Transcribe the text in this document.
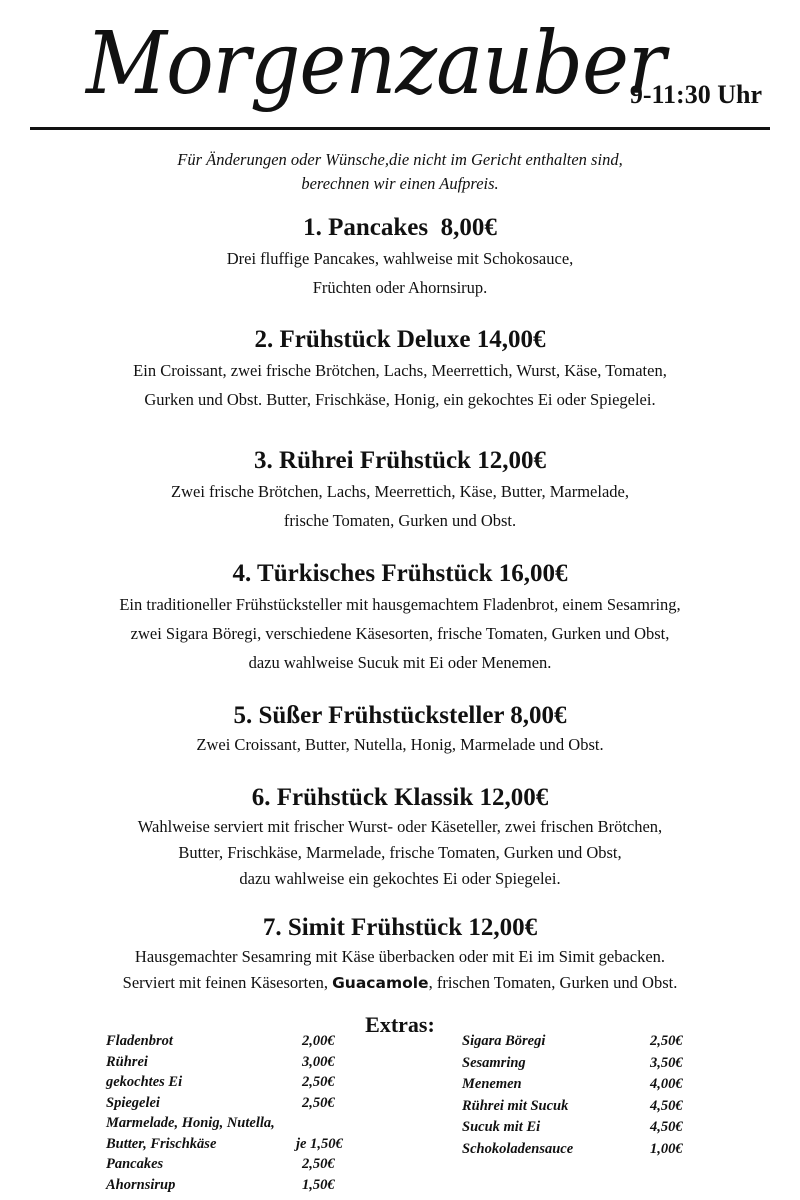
Morgenzauber
9-11:30 Uhr
Für Änderungen oder Wünsche,die nicht im Gericht enthalten sind,
berechnen wir einen Aufpreis.
1. Pancakes  8,00€

Drei fluffige Pancakes, wahlweise mit Schokosauce,

Früchten oder Ahornsirup.

2. Frühstück Deluxe 14,00€

Ein Croissant, zwei frische Brötchen, Lachs, Meerrettich, Wurst, Käse, Tomaten,

Gurken und Obst. Butter, Frischkäse, Honig, ein gekochtes Ei oder Spiegelei.

3. Rührei Frühstück 12,00€

Zwei frische Brötchen, Lachs, Meerrettich, Käse, Butter, Marmelade,

frische Tomaten, Gurken und Obst.

4. Türkisches Frühstück 16,00€

Ein traditioneller Frühstücksteller mit hausgemachtem Fladenbrot, einem Sesamring,

zwei Sigara Böregi, verschiedene Käsesorten, frische Tomaten, Gurken und Obst,

dazu wahlweise Sucuk mit Ei oder Menemen.

5. Süßer Frühstücksteller 8,00€

Zwei Croissant, Butter, Nutella, Honig, Marmelade und Obst.

6. Frühstück Klassik 12,00€

Wahlweise serviert mit frischer Wurst- oder Käseteller, zwei frischen Brötchen,

Butter, Frischkäse, Marmelade, frische Tomaten, Gurken und Obst,

dazu wahlweise ein gekochtes Ei oder Spiegelei.

7. Simit Frühstück 12,00€

Hausgemachter Sesamring mit Käse überbacken oder mit Ei im Simit gebacken.

Serviert mit feinen Käsesorten, Guacamole, frischen Tomaten, Gurken und Obst.

Extras:
Fladenbrot	2,00€
Rührei	3,00€
gekochtes Ei	2,50€
Spiegelei	2,50€
Marmelade, Honig, Nutella,
Butter, Frischkäse	je 1,50€
Pancakes	2,50€
Ahornsirup	1,50€
Sigara Böregi	2,50€
Sesamring	3,50€
Menemen	4,00€
Rührei mit Sucuk	4,50€
Sucuk mit Ei	4,50€
Schokoladensauce	1,00€
